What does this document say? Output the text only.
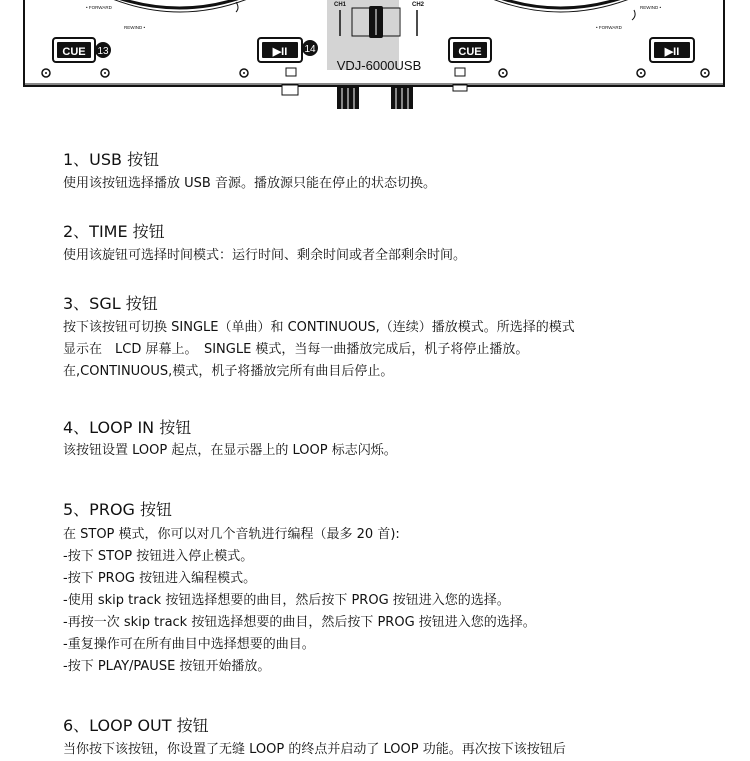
• FORWARD
REWIND •
REWIND •
• FORWARD
CUE 13	▶II 14	CUE	▶II
CH1	CH2
VDJ-6000USB
1、USB 按钮
使用该按钮选择播放 USB 音源。播放源只能在停止的状态切换。
2、TIME 按钮
使用该旋钮可选择时间模式：运行时间、剩余时间或者全部剩余时间。
3、SGL 按钮
按下该按钮可切换 SINGLE（单曲）和 CONTINUOUS,（连续）播放模式。所选择的模式
显示在　LCD 屏幕上。　SINGLE 模式，当每一曲播放完成后，机子将停止播放。
在,CONTINUOUS,模式，机子将播放完所有曲目后停止。
4、LOOP IN 按钮
该按钮设置 LOOP 起点，在显示器上的 LOOP 标志闪烁。
5、PROG 按钮
在 STOP 模式，你可以对几个音轨进行编程（最多 20 首):
-按下 STOP 按钮进入停止模式。
-按下 PROG 按钮进入编程模式。
-使用 skip track 按钮选择想要的曲目，然后按下 PROG 按钮进入您的选择。
-再按一次 skip track 按钮选择想要的曲目，然后按下 PROG 按钮进入您的选择。
-重复操作可在所有曲目中选择想要的曲目。
-按下 PLAY/PAUSE 按钮开始播放。
6、LOOP OUT 按钮
当你按下该按钮，你设置了无缝 LOOP 的终点并启动了 LOOP 功能。再次按下该按钮后
